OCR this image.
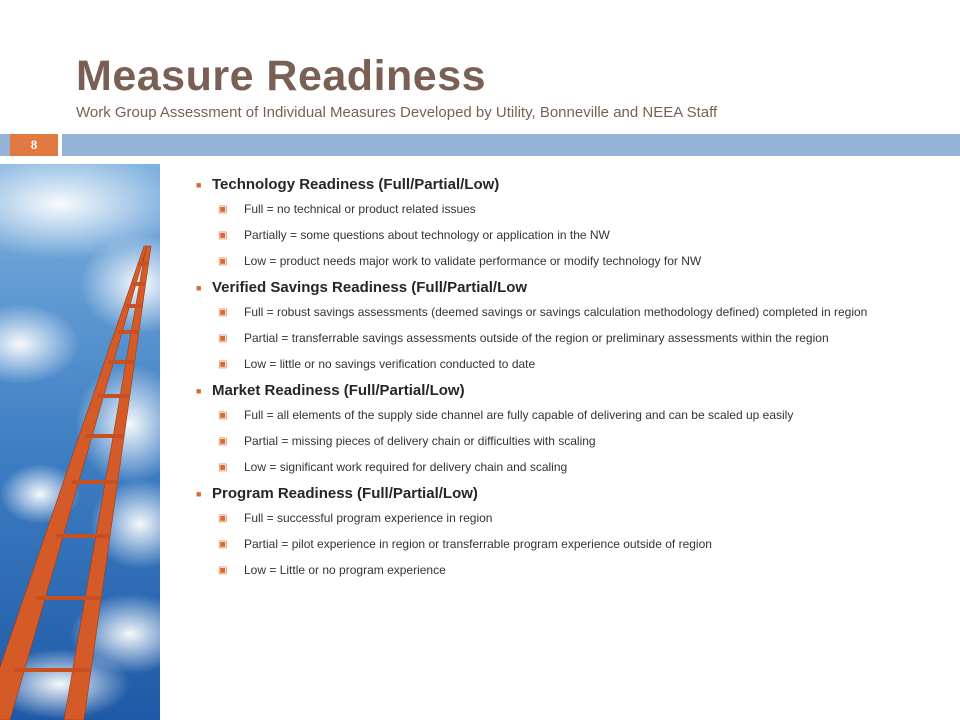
Measure Readiness
Work Group Assessment of Individual Measures Developed by Utility, Bonneville and NEEA Staff
8
■ Technology Readiness (Full/Partial/Low)
▣	Full = no technical or product related issues
▣	Partially = some questions about technology or application in the NW
▣	Low = product needs major work to validate performance or modify technology for NW
■ Verified Savings Readiness (Full/Partial/Low
▣	Full = robust savings assessments (deemed savings or savings calculation methodology defined) completed in region
▣	Partial = transferrable savings assessments outside of the region or preliminary assessments within the region
▣	Low = little or no savings verification conducted to date
■ Market Readiness (Full/Partial/Low)
▣	Full = all elements of the supply side channel are fully capable of delivering and can be scaled up easily
▣	Partial = missing pieces of delivery chain or difficulties with scaling
▣	Low = significant work required for delivery chain and scaling
■ Program Readiness (Full/Partial/Low)
▣	Full = successful program experience in region
▣	Partial = pilot experience in region or transferrable program experience outside of region
▣	Low = Little or no program experience
